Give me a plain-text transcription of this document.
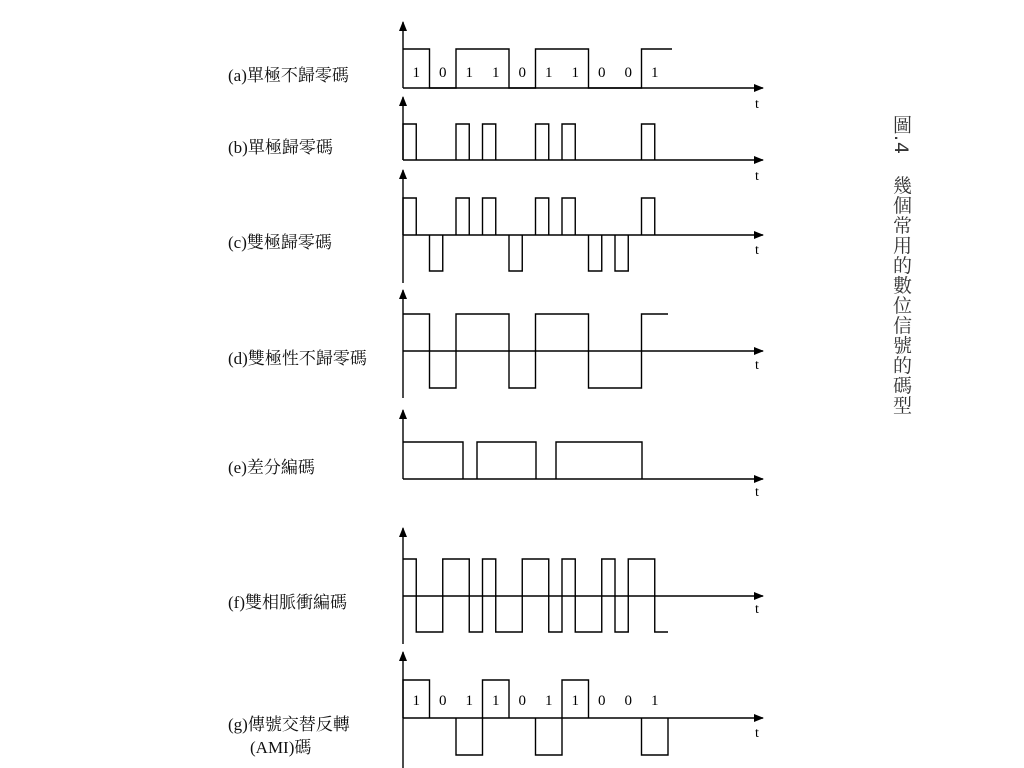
圖.4　幾個常用的數位信號的碼型
(a)單極不歸零碼
(b)單極歸零碼
(c)雙極歸零碼
(d)雙極性不歸零碼
(e)差分編碼
(f)雙相脈衝編碼
(g)傳號交替反轉
(AMI)碼
t
1 0 1 1 0 1 1 0 0 1
t
t
t
t
t
t
1 0 1 1 0 1 1 0 0 1
